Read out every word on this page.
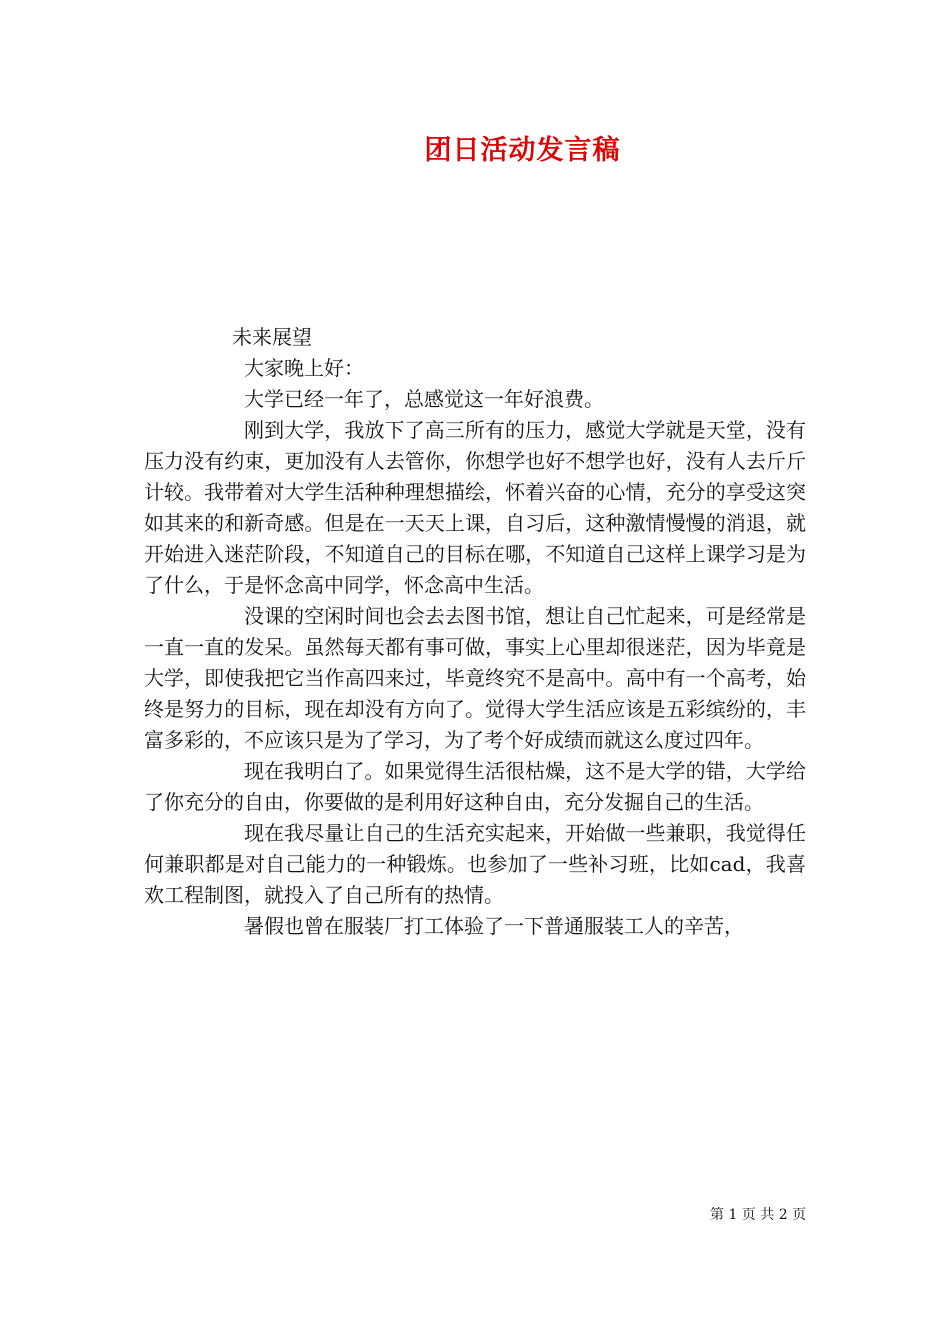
团日活动发言稿

未来展望

大家晚上好：

大学已经一年了，总感觉这一年好浪费。

刚到大学，我放下了高三所有的压力，感觉大学就是天堂，没有压力没有约束，更加没有人去管你，你想学也好不想学也好，没有人去斤斤计较。我带着对大学生活种种理想描绘，怀着兴奋的心情，充分的享受这突如其来的和新奇感。但是在一天天上课，自习后，这种激情慢慢的消退，就开始进入迷茫阶段，不知道自己的目标在哪，不知道自己这样上课学习是为了什么，于是怀念高中同学，怀念高中生活。

没课的空闲时间也会去去图书馆，想让自己忙起来，可是经常是一直一直的发呆。虽然每天都有事可做，事实上心里却很迷茫，因为毕竟是大学，即使我把它当作高四来过，毕竟终究不是高中。高中有一个高考，始终是努力的目标，现在却没有方向了。觉得大学生活应该是五彩缤纷的，丰富多彩的，不应该只是为了学习，为了考个好成绩而就这么度过四年。

现在我明白了。如果觉得生活很枯燥，这不是大学的错，大学给了你充分的自由，你要做的是利用好这种自由，充分发掘自己的生活。

现在我尽量让自己的生活充实起来，开始做一些兼职，我觉得任何兼职都是对自己能力的一种锻炼。也参加了一些补习班，比如cad，我喜欢工程制图，就投入了自己所有的热情。

暑假也曾在服装厂打工体验了一下普通服装工人的辛苦，

第 1 页 共 2 页
